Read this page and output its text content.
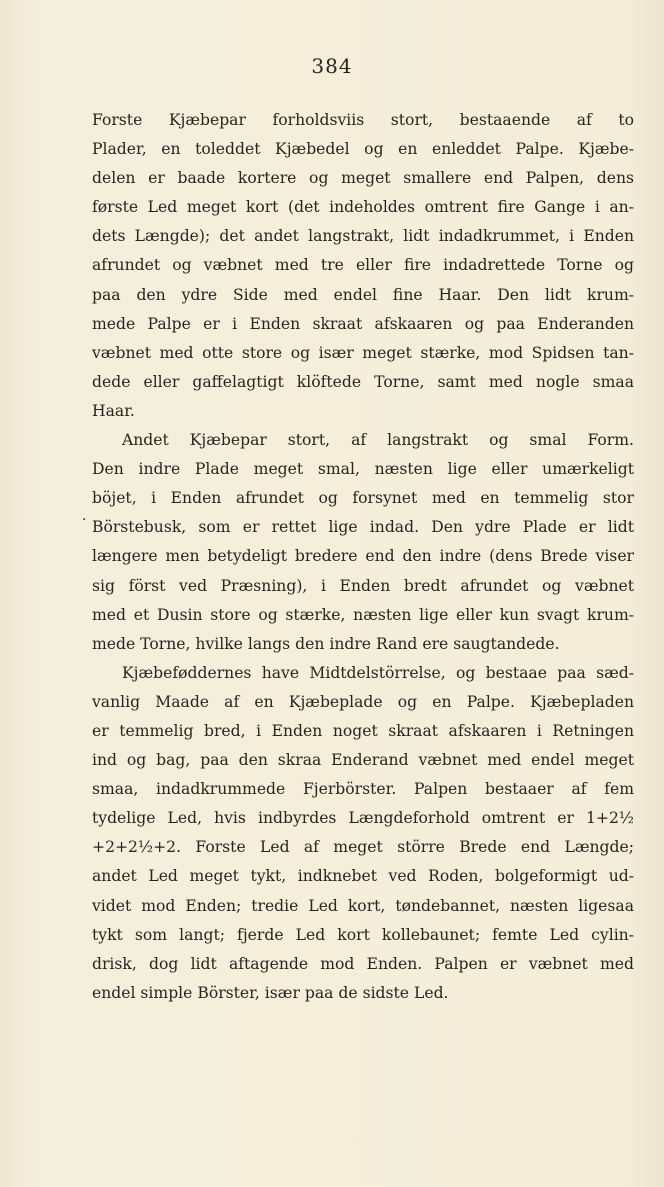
384
·
Forste Kjæbepar forholdsviis stort, bestaaende af to
Plader, en toleddet Kjæbedel og en enleddet Palpe. Kjæbe-
delen er baade kortere og meget smallere end Palpen, dens
første Led meget kort (det indeholdes omtrent fire Gange i an-
dets Længde); det andet langstrakt, lidt indadkrummet, i Enden
afrundet og væbnet med tre eller fire indadrettede Torne og
paa den ydre Side med endel fine Haar. Den lidt krum-
mede Palpe er i Enden skraat afskaaren og paa Enderanden
væbnet med otte store og især meget stærke, mod Spidsen tan-
dede eller gaffelagtigt klöftede Torne, samt med nogle smaa
Haar.
Andet Kjæbepar stort, af langstrakt og smal Form.
Den indre Plade meget smal, næsten lige eller umærkeligt
böjet, i Enden afrundet og forsynet med en temmelig stor
Börstebusk, som er rettet lige indad. Den ydre Plade er lidt
længere men betydeligt bredere end den indre (dens Brede viser
sig först ved Præsning), i Enden bredt afrundet og væbnet
med et Dusin store og stærke, næsten lige eller kun svagt krum-
mede Torne, hvilke langs den indre Rand ere saugtandede.
Kjæbeføddernes have Midtdelstörrelse, og bestaae paa sæd-
vanlig Maade af en Kjæbeplade og en Palpe. Kjæbepladen
er temmelig bred, i Enden noget skraat afskaaren i Retningen
ind og bag, paa den skraa Enderand væbnet med endel meget
smaa, indadkrummede Fjerbörster. Palpen bestaaer af fem
tydelige Led, hvis indbyrdes Længdeforhold omtrent er 1+2½
+2+2½+2. Forste Led af meget större Brede end Længde;
andet Led meget tykt, indknebet ved Roden, bolgeformigt ud-
videt mod Enden; tredie Led kort, tøndebannet, næsten ligesaa
tykt som langt; fjerde Led kort kollebaunet; femte Led cylin-
drisk, dog lidt aftagende mod Enden. Palpen er væbnet med
endel simple Börster, især paa de sidste Led.
